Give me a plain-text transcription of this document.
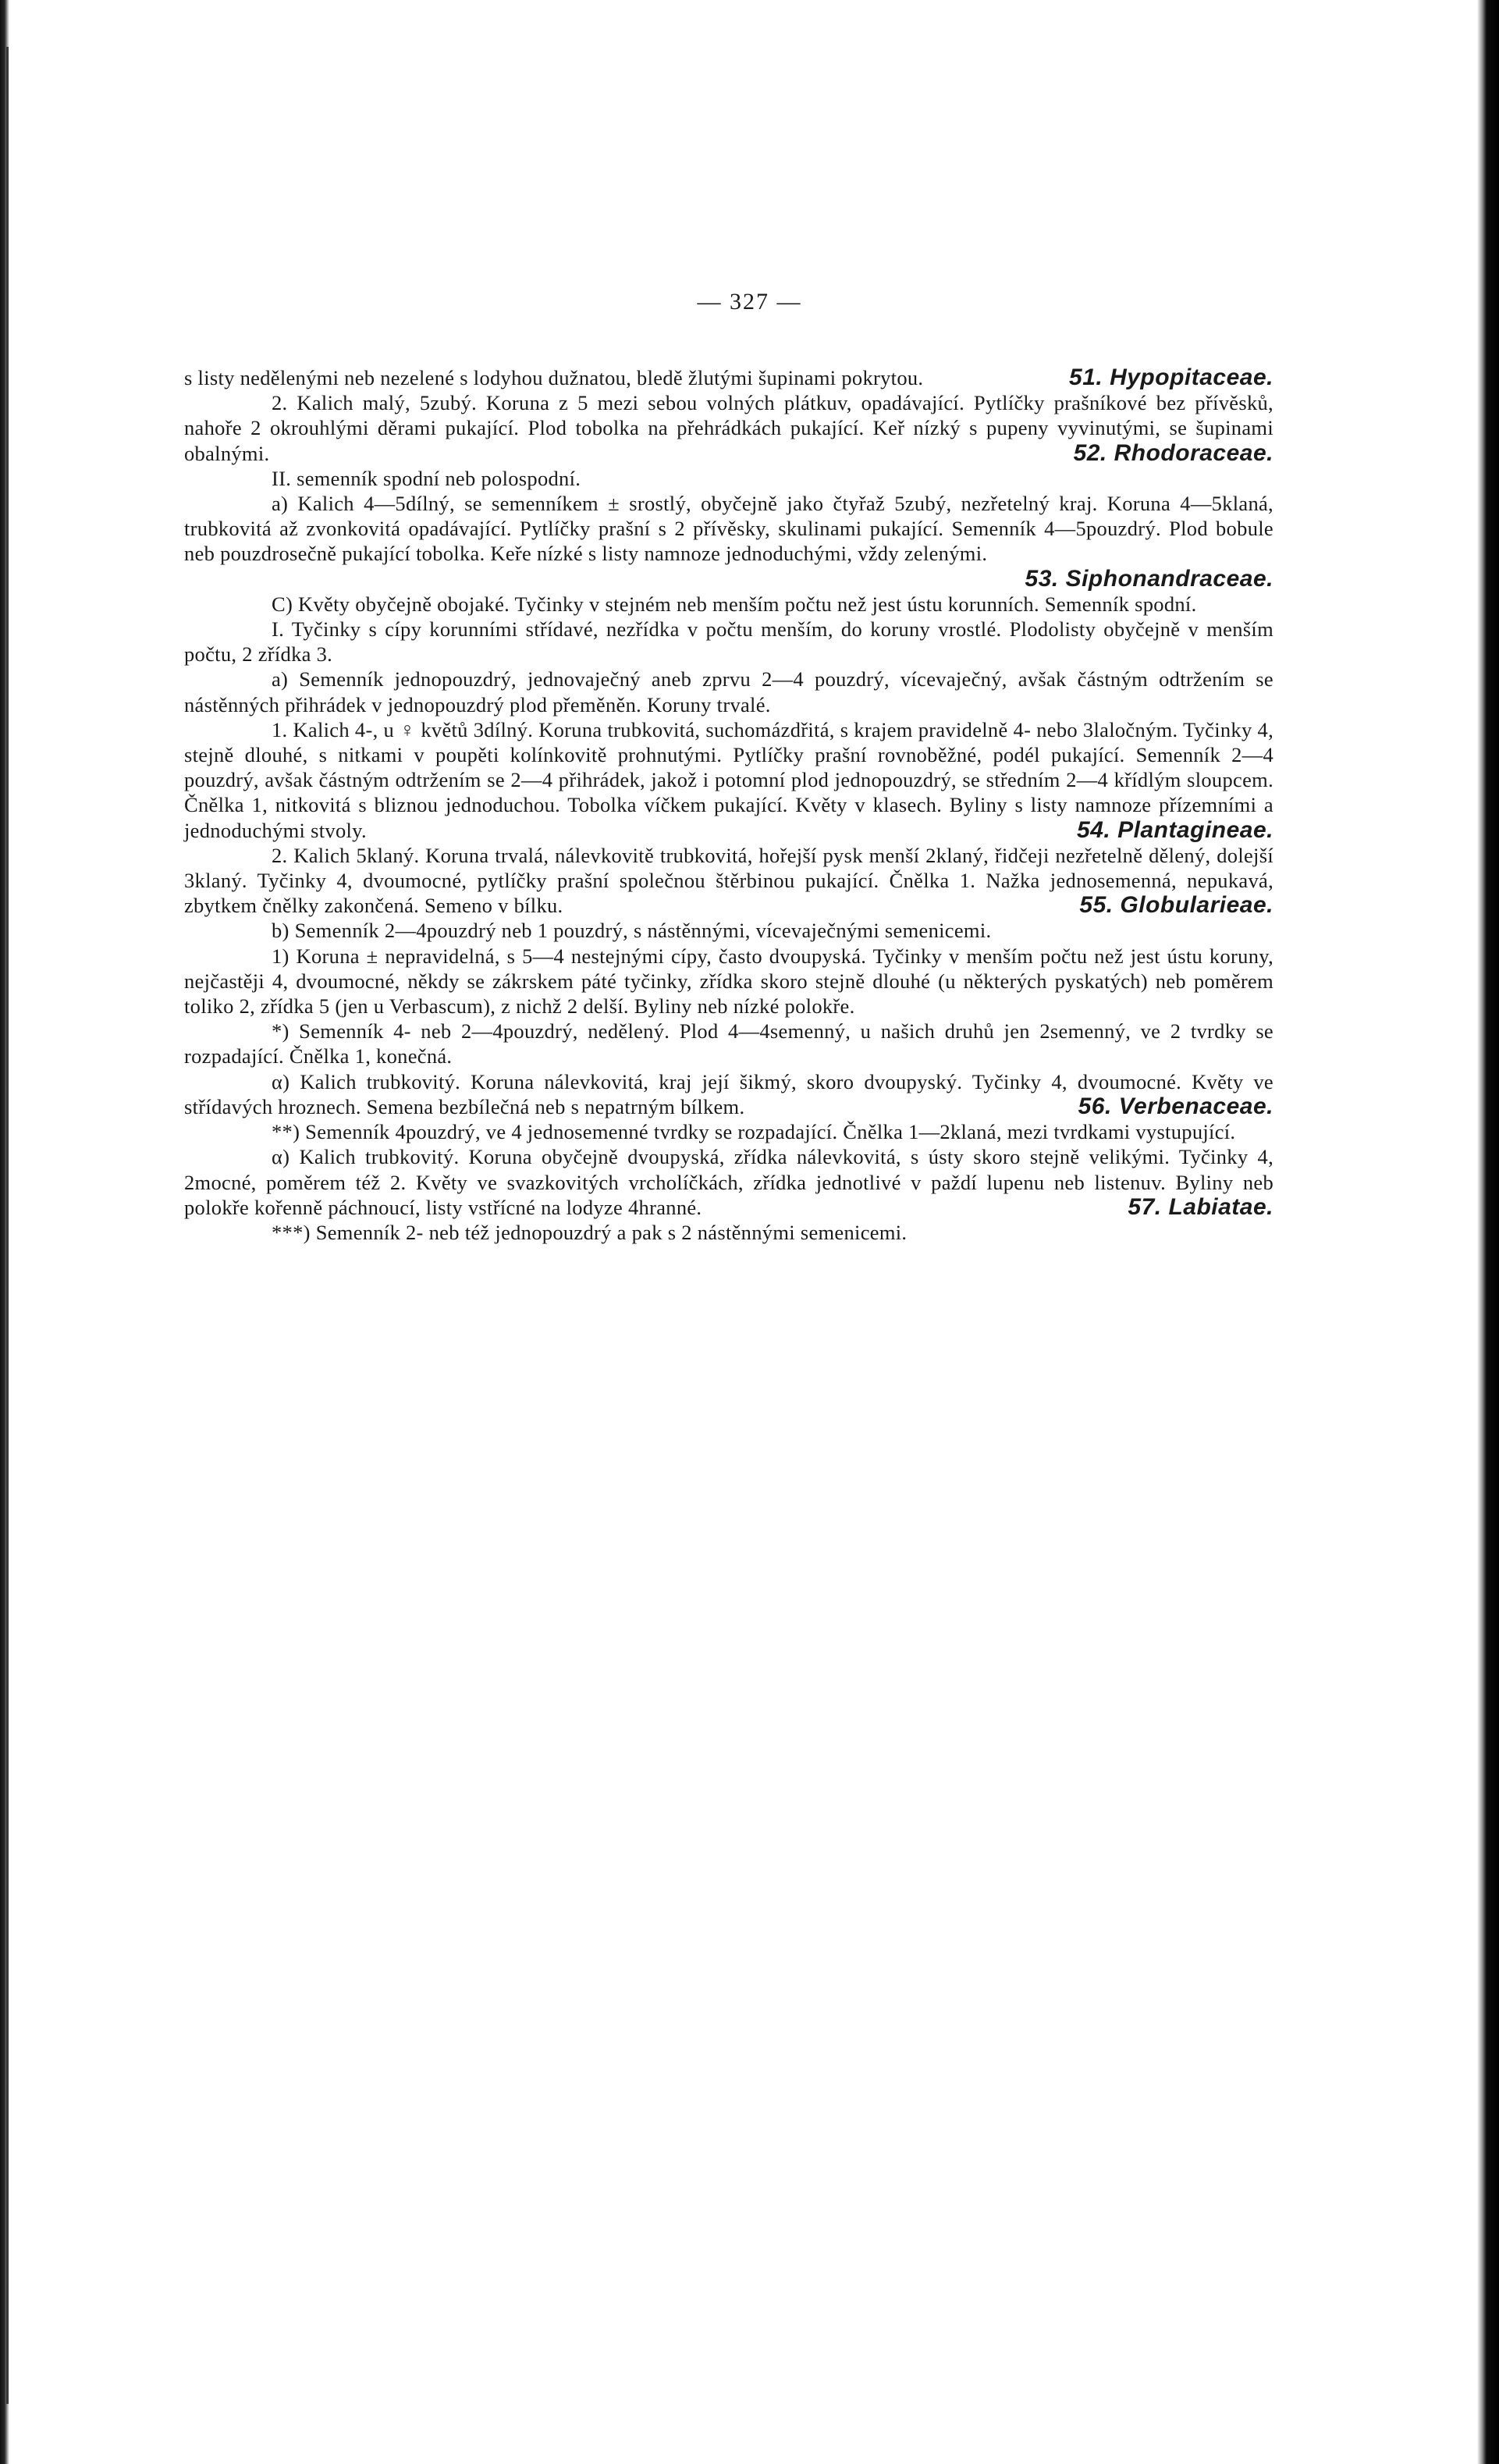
— 327 —

s listy nedělenými neb nezelené s lodyhou dužnatou, bledě žlutými šupinami pokrytou.	51. Hypopitaceae.

2. Kalich malý, 5zubý. Koruna z 5 mezi sebou volných plátkuv, opadávající. Pytlíčky prašníkové bez přívěsků, nahoře 2 okrouhlými děrami pukající. Plod tobolka na přehrádkách pukající. Keř nízký s pupeny vyvinutými, se šupinami obalnými.	52. Rhodoraceae.

II. semenník spodní neb polospodní.

a) Kalich 4—5dílný, se semenníkem ± srostlý, obyčejně jako čtyřaž 5zubý, nezřetelný kraj. Koruna 4—5klaná, trubkovitá až zvonkovitá opadávající. Pytlíčky prašní s 2 přívěsky, skulinami pukající. Semenník 4—5pouzdrý. Plod bobule neb pouzdrosečně pukající tobolka. Keře nízké s listy namnoze jednoduchými, vždy zelenými.
53. Siphonandraceae.

C) Květy obyčejně obojaké. Tyčinky v stejném neb menším počtu než jest ústu korunních. Semenník spodní.

I. Tyčinky s cípy korunními střídavé, nezřídka v počtu menším, do koruny vrostlé. Plodolisty obyčejně v menším počtu, 2 zřídka 3.

a) Semenník jednopouzdrý, jednovaječný aneb zprvu 2—4 pouzdrý, vícevaječný, avšak částným odtržením se nástěnných přihrádek v jednopouzdrý plod přeměněn. Koruny trvalé.

1. Kalich 4-, u ♀ květů 3dílný. Koruna trubkovitá, suchomázdřitá, s krajem pravidelně 4- nebo 3laločným. Tyčinky 4, stejně dlouhé, s nitkami v poupěti kolínkovitě prohnutými. Pytlíčky prašní rovnoběžné, podél pukající. Semenník 2—4 pouzdrý, avšak částným odtržením se 2—4 přihrádek, jakož i potomní plod jednopouzdrý, se středním 2—4 křídlým sloupcem. Čnělka 1, nitkovitá s bliznou jednoduchou. Tobolka víčkem pukající. Květy v klasech. Byliny s listy namnoze přízemními a jednoduchými stvoly.	54. Plantagineae.

2. Kalich 5klaný. Koruna trvalá, nálevkovitě trubkovitá, hořejší pysk menší 2klaný, řidčeji nezřetelně dělený, dolejší 3klaný. Tyčinky 4, dvoumocné, pytlíčky prašní společnou štěrbinou pukající. Čnělka 1. Nažka jednosemenná, nepukavá, zbytkem čnělky zakončená. Semeno v bílku.	55. Globularieae.

b) Semenník 2—4pouzdrý neb 1 pouzdrý, s nástěnnými, vícevaječnými semenicemi.

1) Koruna ± nepravidelná, s 5—4 nestejnými cípy, často dvoupyská. Tyčinky v menším počtu než jest ústu koruny, nejčastěji 4, dvoumocné, někdy se zákrskem páté tyčinky, zřídka skoro stejně dlouhé (u některých pyskatých) neb poměrem toliko 2, zřídka 5 (jen u Verbascum), z nichž 2 delší. Byliny neb nízké polokře.

*) Semenník 4- neb 2—4pouzdrý, nedělený. Plod 4—4semenný, u našich druhů jen 2semenný, ve 2 tvrdky se rozpadající. Čnělka 1, konečná.

α) Kalich trubkovitý. Koruna nálevkovitá, kraj její šikmý, skoro dvoupyský. Tyčinky 4, dvoumocné. Květy ve střídavých hroznech. Semena bezbílečná neb s nepatrným bílkem.	56. Verbenaceae.

**) Semenník 4pouzdrý, ve 4 jednosemenné tvrdky se rozpadající. Čnělka 1—2klaná, mezi tvrdkami vystupující.

α) Kalich trubkovitý. Koruna obyčejně dvoupyská, zřídka nálevkovitá, s ústy skoro stejně velikými. Tyčinky 4, 2mocné, poměrem též 2. Květy ve svazkovitých vrcholíčkách, zřídka jednotlivé v paždí lupenu neb listenuv. Byliny neb polokře kořenně páchnoucí, listy vstřícné na lodyze 4hranné.	57. Labiatae.

***) Semenník 2- neb též jednopouzdrý a pak s 2 nástěnnými semenicemi.
